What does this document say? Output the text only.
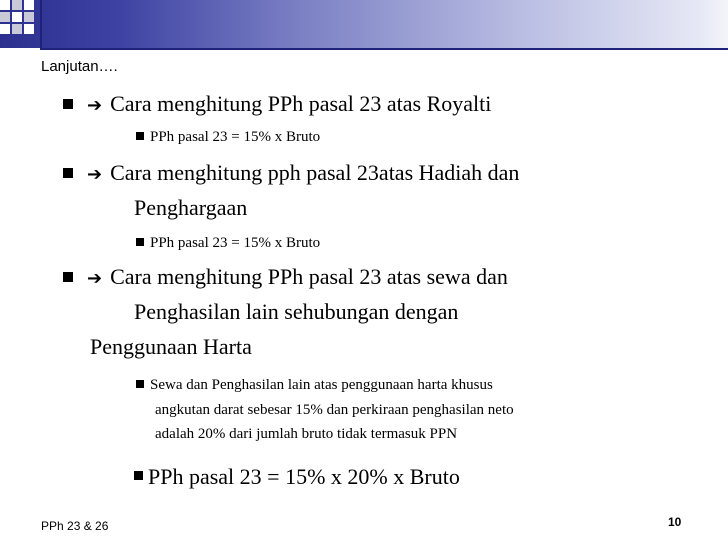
Lanjutan….
➔ Cara menghitung PPh pasal 23 atas Royalti
PPh pasal 23 = 15% x Bruto
➔ Cara menghitung pph pasal 23atas Hadiah dan
Penghargaan
PPh pasal 23 = 15% x Bruto
➔ Cara menghitung PPh pasal 23 atas sewa dan
Penghasilan lain sehubungan dengan
Penggunaan Harta
Sewa dan Penghasilan lain atas penggunaan harta khusus
angkutan darat sebesar 15% dan perkiraan penghasilan neto
adalah 20% dari jumlah bruto tidak termasuk PPN
PPh pasal 23 = 15% x 20% x Bruto
PPh 23 & 26	10
